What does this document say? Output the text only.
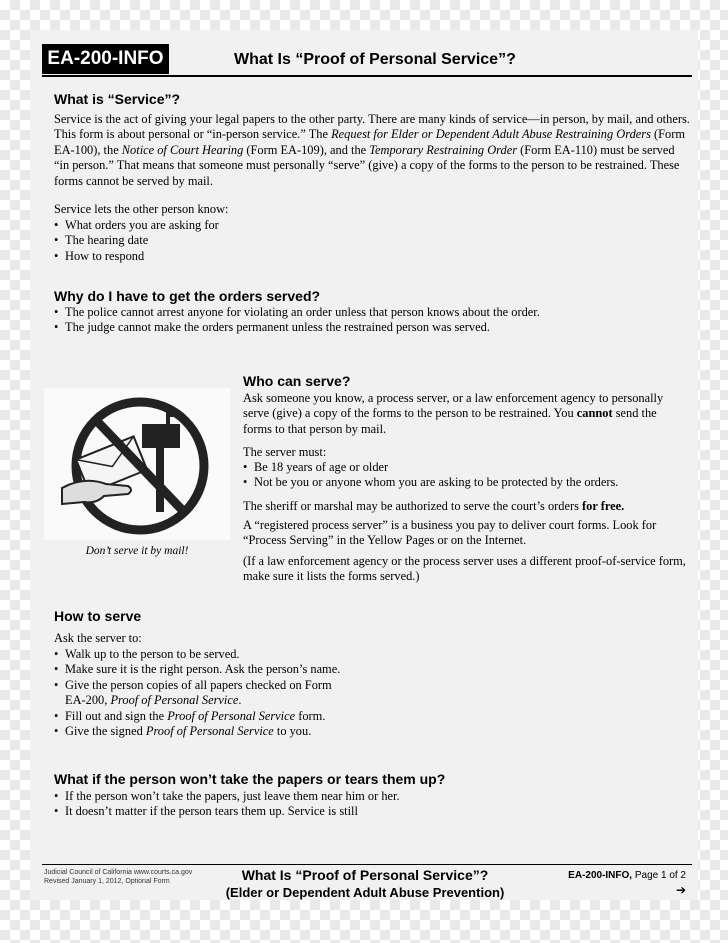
EA-200-INFO	What Is “Proof of Personal Service”?
What is “Service”?

Service is the act of giving your legal papers to the other party. There are many kinds of service—in person, by mail, and others. This form is about personal or “in-person service.” The Request for Elder or Dependent Adult Abuse Restraining Orders (Form EA-100), the Notice of Court Hearing (Form EA-109), and the Temporary Restraining Order (Form EA-110) must be served “in person.” That means that someone must personally “serve” (give) a copy of the forms to the person to be restrained. These forms cannot be served by mail.

Service lets the other person know:

• What orders you are asking for
• The hearing date
• How to respond
Why do I have to get the orders served?
• The police cannot arrest anyone for violating an order unless that person knows about the order.
• The judge cannot make the orders permanent unless the restrained person was served.
Don’t serve it by mail!
Who can serve?

Ask someone you know, a process server, or a law enforcement agency to personally serve (give) a copy of the forms to the person to be restrained. You cannot send the forms to that person by mail.

The server must:

• Be 18 years of age or older
• Not be you or anyone whom you are asking to be protected by the orders.

The sheriff or marshal may be authorized to serve the court’s orders for free.

A “registered process server” is a business you pay to deliver court forms. Look for “Process Serving” in the Yellow Pages or on the Internet.

(If a law enforcement agency or the process server uses a different proof-of-service form, make sure it lists the forms served.)

How to serve

Ask the server to:

• Walk up to the person to be served.
• Make sure it is the right person. Ask the person’s name.
• Give the person copies of all papers checked on Form EA-200, Proof of Personal Service.
• Fill out and sign the Proof of Personal Service form.
• Give the signed Proof of Personal Service to you.
What if the person won’t take the papers or tears them up?
• If the person won’t take the papers, just leave them near him or her.
• It doesn’t matter if the person tears them up. Service is still
Judicial Council of California www.courts.ca.gov
Revised January 1, 2012, Optional Form	What Is “Proof of Personal Service”?
(Elder or Dependent Adult Abuse Prevention)
EA-200-INFO, Page 1 of 2
➔
